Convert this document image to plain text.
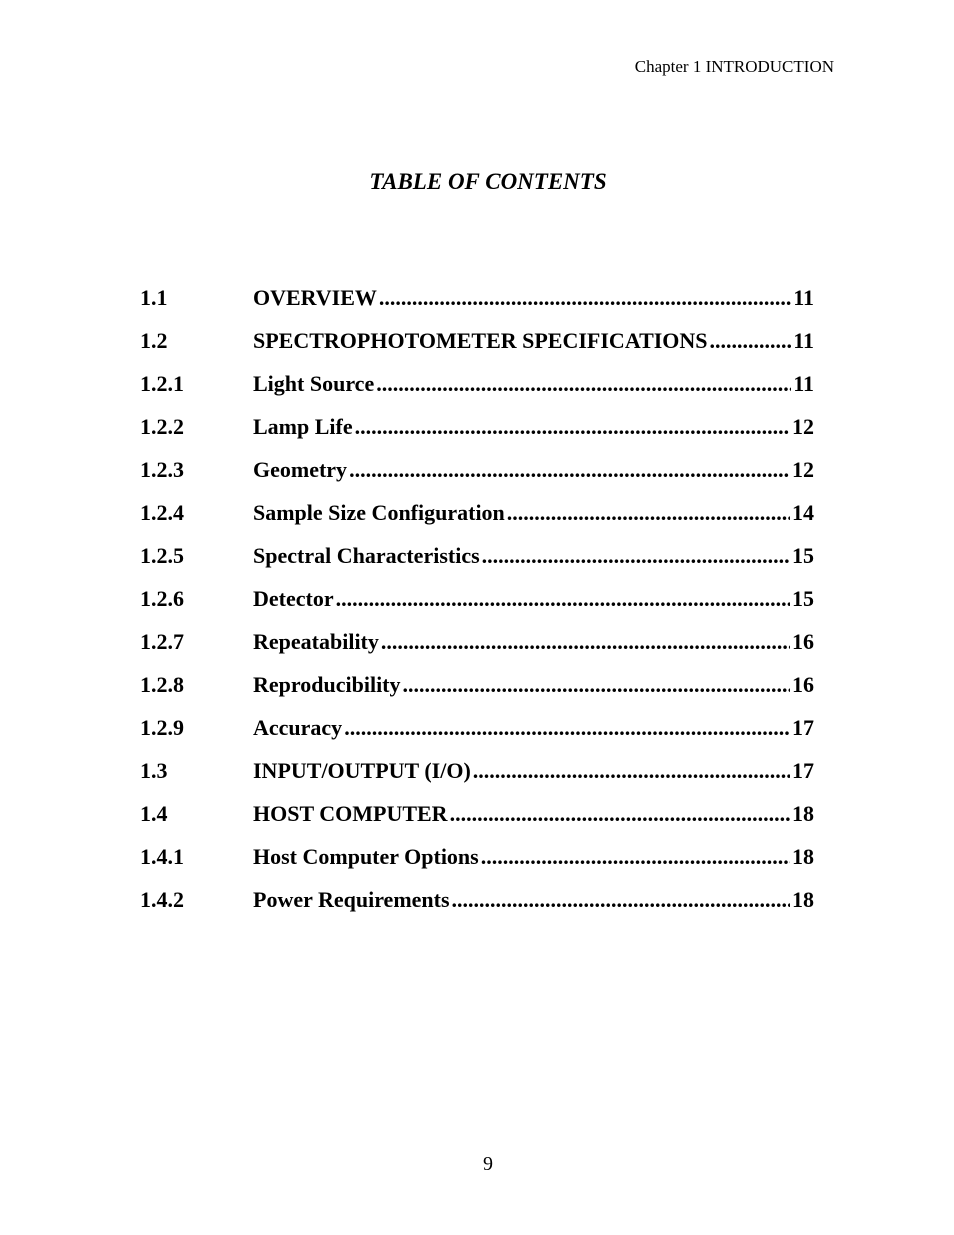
Chapter 1 INTRODUCTION
TABLE OF CONTENTS
1.1	OVERVIEW .....	11
1.2	SPECTROPHOTOMETER SPECIFICATIONS .....	11
1.2.1	Light Source .....	11
1.2.2	Lamp Life .....	12
1.2.3	Geometry .....	12
1.2.4	Sample Size Configuration .....	14
1.2.5	Spectral Characteristics .....	15
1.2.6	Detector .....	15
1.2.7	Repeatability .....	16
1.2.8	Reproducibility .....	16
1.2.9	Accuracy .....	17
1.3	INPUT/OUTPUT (I/O) .....	17
1.4	HOST COMPUTER .....	18
1.4.1	Host Computer Options .....	18
1.4.2	Power Requirements .....	18
9
